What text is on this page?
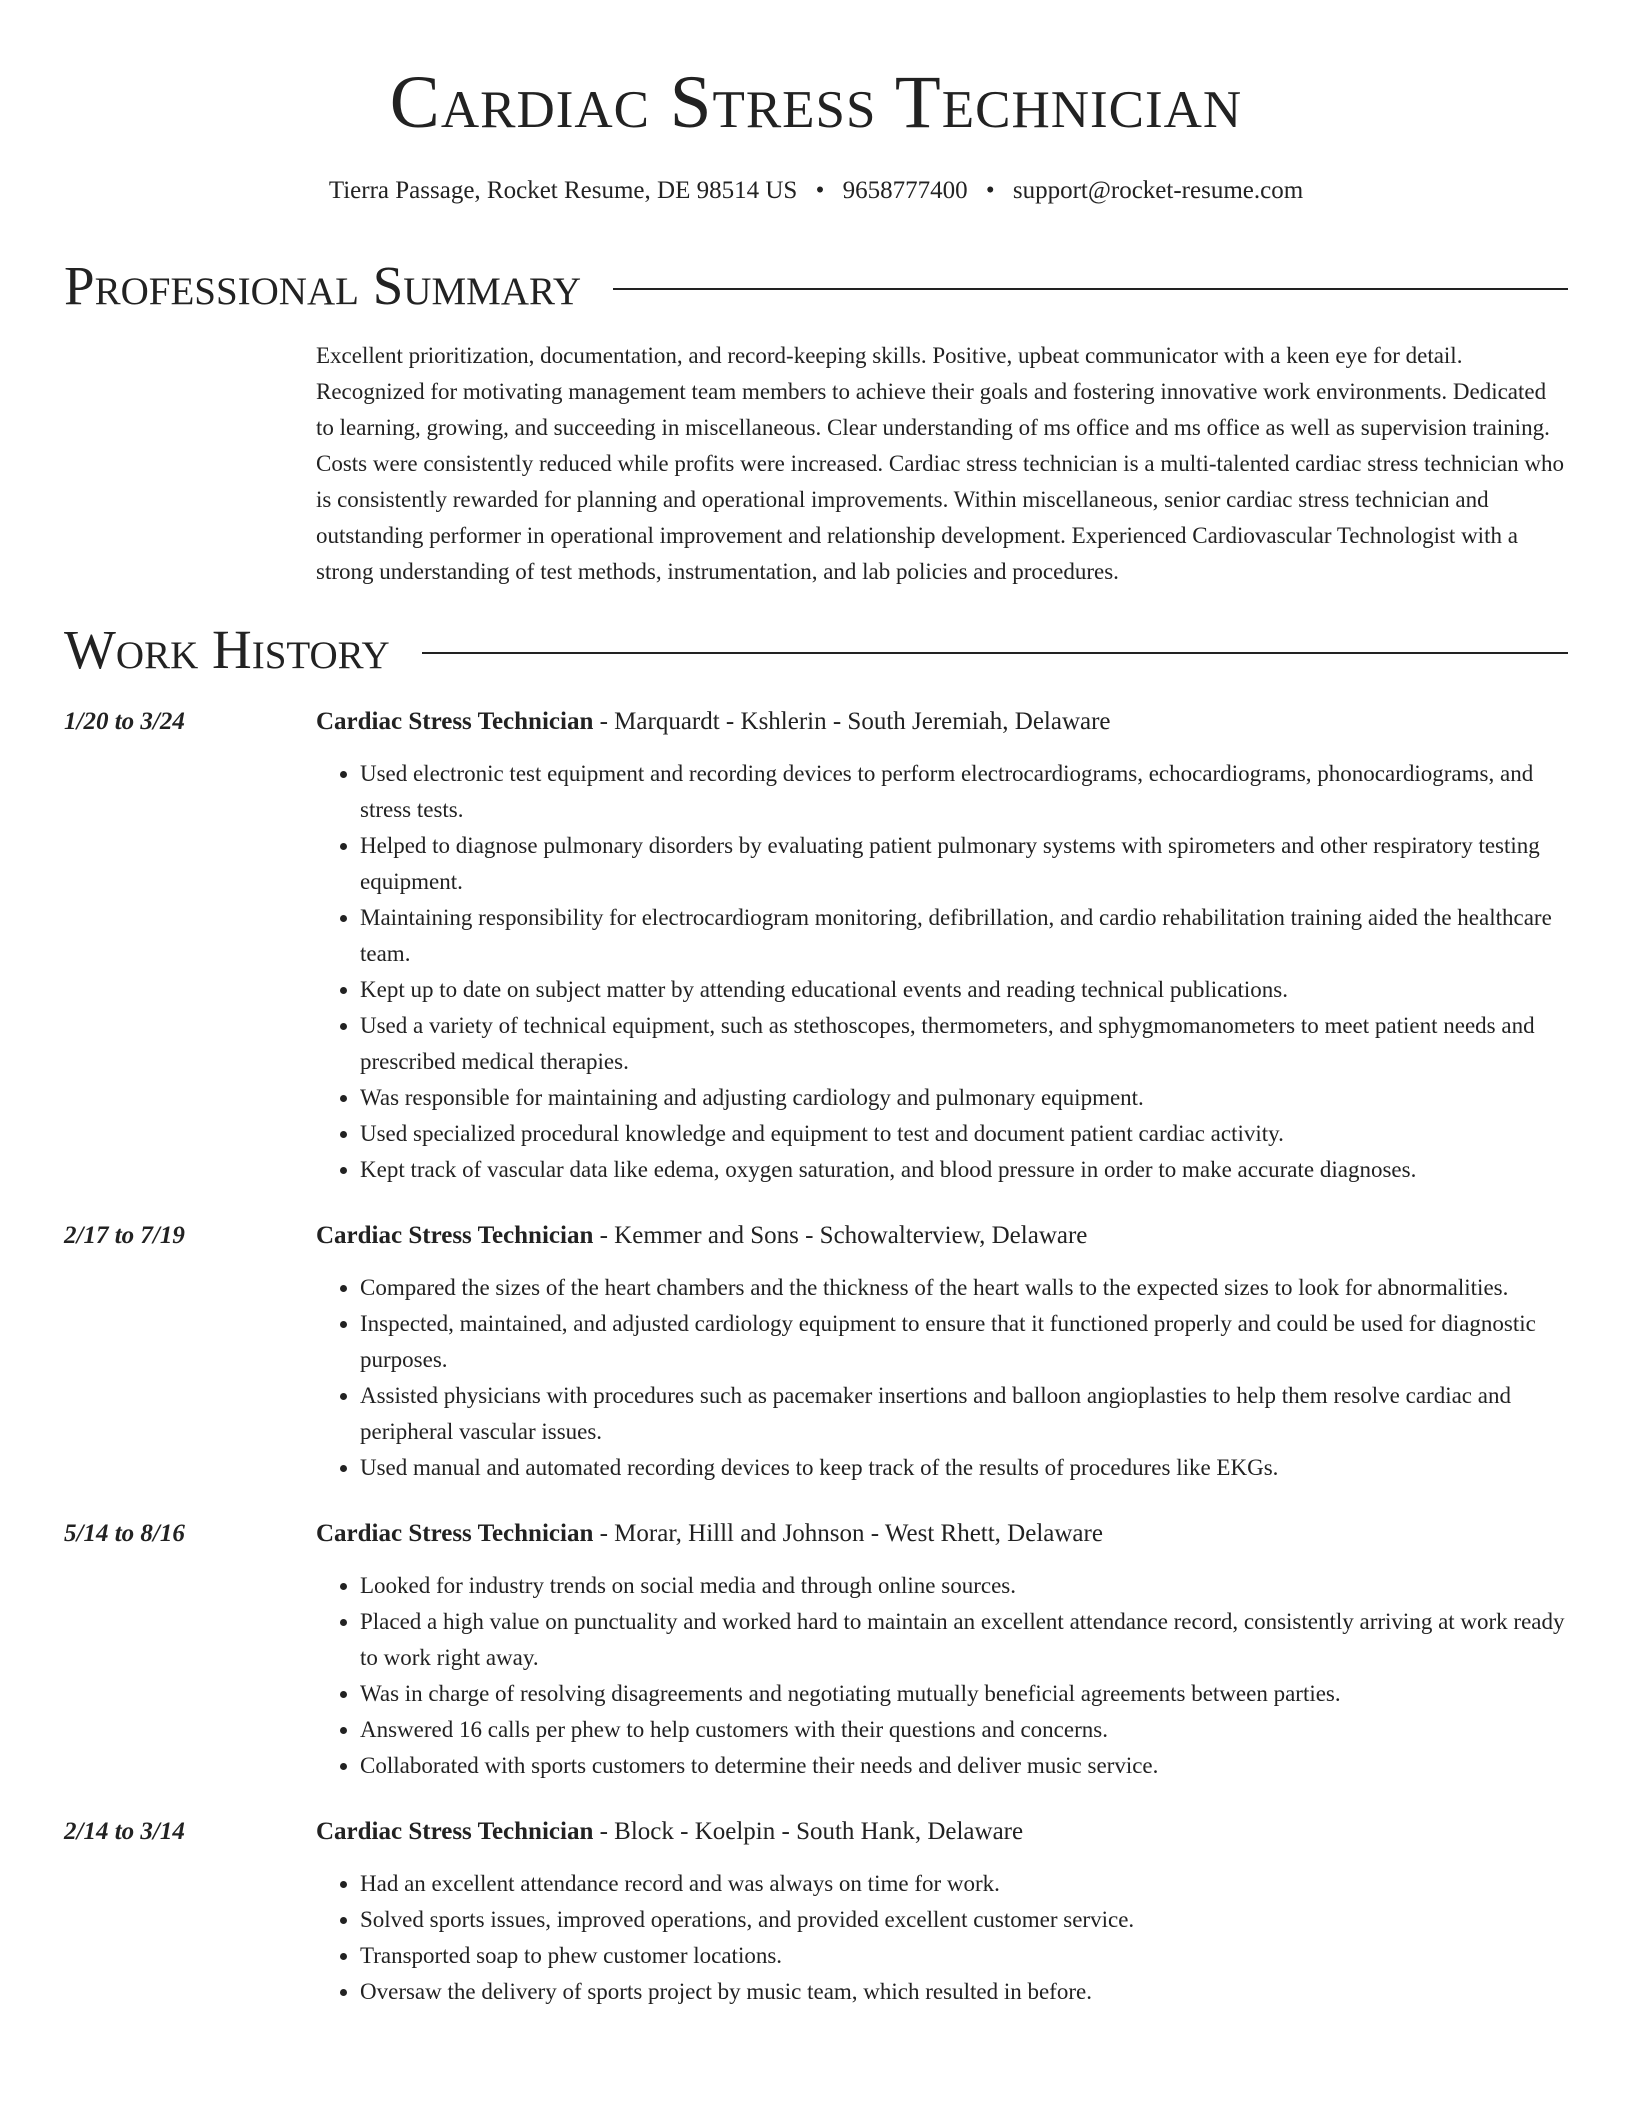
Cardiac Stress Technician
Tierra Passage, Rocket Resume, DE 98514 US • 9658777400 • support@rocket-resume.com
Professional Summary

Excellent prioritization, documentation, and record-keeping skills. Positive, upbeat communicator with a keen eye for detail. Recognized for motivating management team members to achieve their goals and fostering innovative work environments. Dedicated to learning, growing, and succeeding in miscellaneous. Clear understanding of ms office and ms office as well as supervision training. Costs were consistently reduced while profits were increased. Cardiac stress technician is a multi-talented cardiac stress technician who is consistently rewarded for planning and operational improvements. Within miscellaneous, senior cardiac stress technician and outstanding performer in operational improvement and relationship development. Experienced Cardiovascular Technologist with a strong understanding of test methods, instrumentation, and lab policies and procedures.

Work History
1/20 to 3/24	Cardiac Stress Technician - Marquardt - Kshlerin - South Jeremiah, Delaware
• Used electronic test equipment and recording devices to perform electrocardiograms, echocardiograms, phonocardiograms, and stress tests.
• Helped to diagnose pulmonary disorders by evaluating patient pulmonary systems with spirometers and other respiratory testing equipment.
• Maintaining responsibility for electrocardiogram monitoring, defibrillation, and cardio rehabilitation training aided the healthcare team.
• Kept up to date on subject matter by attending educational events and reading technical publications.
• Used a variety of technical equipment, such as stethoscopes, thermometers, and sphygmomanometers to meet patient needs and prescribed medical therapies.
• Was responsible for maintaining and adjusting cardiology and pulmonary equipment.
• Used specialized procedural knowledge and equipment to test and document patient cardiac activity.
• Kept track of vascular data like edema, oxygen saturation, and blood pressure in order to make accurate diagnoses.
2/17 to 7/19	Cardiac Stress Technician - Kemmer and Sons - Schowalterview, Delaware
• Compared the sizes of the heart chambers and the thickness of the heart walls to the expected sizes to look for abnormalities.
• Inspected, maintained, and adjusted cardiology equipment to ensure that it functioned properly and could be used for diagnostic purposes.
• Assisted physicians with procedures such as pacemaker insertions and balloon angioplasties to help them resolve cardiac and peripheral vascular issues.
• Used manual and automated recording devices to keep track of the results of procedures like EKGs.
5/14 to 8/16	Cardiac Stress Technician - Morar, Hilll and Johnson - West Rhett, Delaware
• Looked for industry trends on social media and through online sources.
• Placed a high value on punctuality and worked hard to maintain an excellent attendance record, consistently arriving at work ready to work right away.
• Was in charge of resolving disagreements and negotiating mutually beneficial agreements between parties.
• Answered 16 calls per phew to help customers with their questions and concerns.
• Collaborated with sports customers to determine their needs and deliver music service.
2/14 to 3/14	Cardiac Stress Technician - Block - Koelpin - South Hank, Delaware
• Had an excellent attendance record and was always on time for work.
• Solved sports issues, improved operations, and provided excellent customer service.
• Transported soap to phew customer locations.
• Oversaw the delivery of sports project by music team, which resulted in before.
